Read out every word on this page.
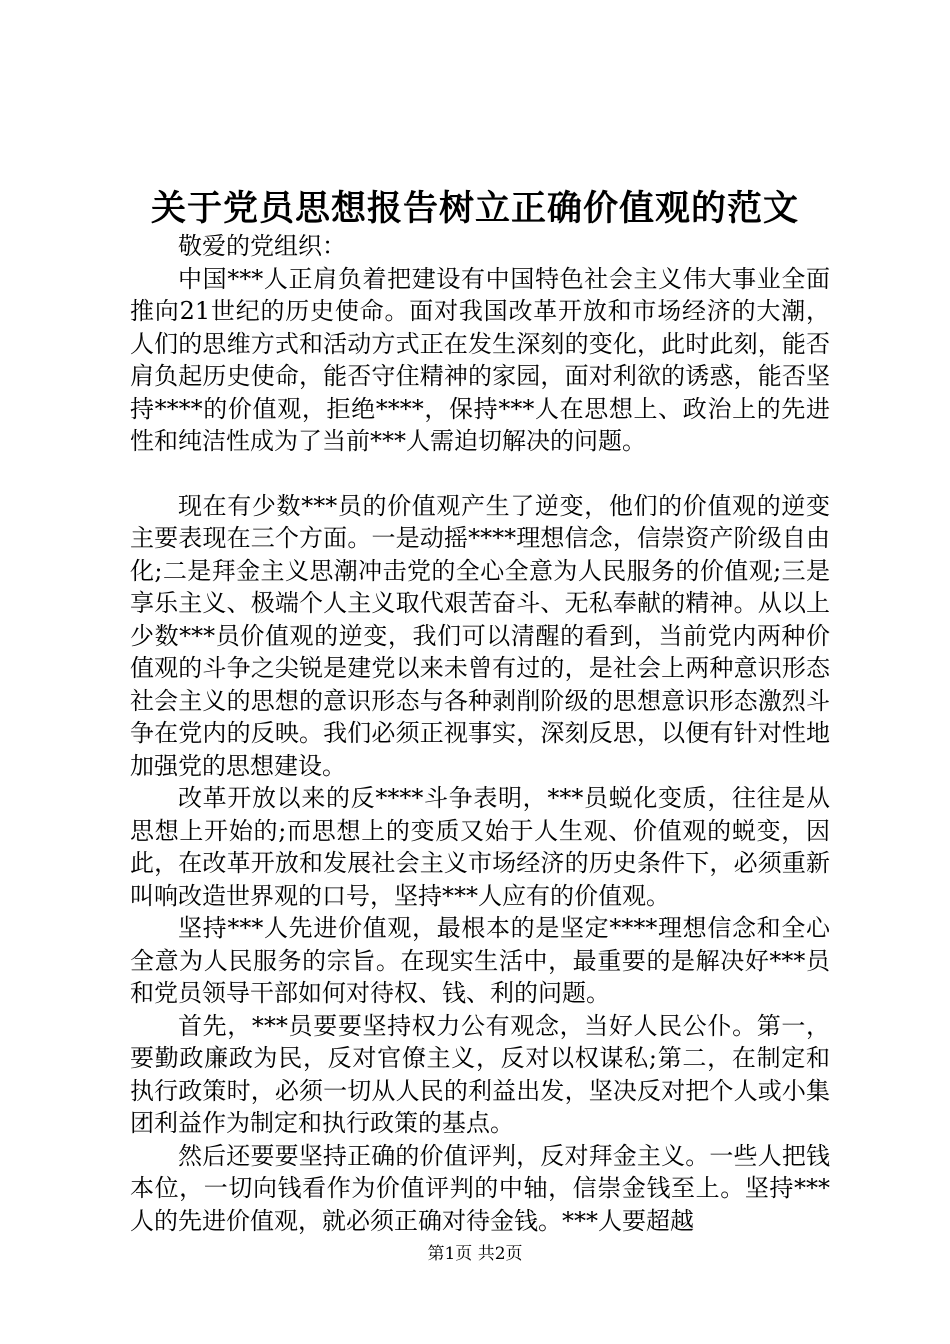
关于党员思想报告树立正确价值观的范文

敬爱的党组织：

中国***人正肩负着把建设有中国特色社会主义伟大事业全面推向21世纪的历史使命。面对我国改革开放和市场经济的大潮，人们的思维方式和活动方式正在发生深刻的变化，此时此刻，能否肩负起历史使命，能否守住精神的家园，面对利欲的诱惑，能否坚持****的价值观，拒绝****，保持***人在思想上、政治上的先进性和纯洁性成为了当前***人需迫切解决的问题。

现在有少数***员的价值观产生了逆变，他们的价值观的逆变主要表现在三个方面。一是动摇****理想信念，信崇资产阶级自由化;二是拜金主义思潮冲击党的全心全意为人民服务的价值观;三是享乐主义、极端个人主义取代艰苦奋斗、无私奉献的精神。从以上少数***员价值观的逆变，我们可以清醒的看到，当前党内两种价值观的斗争之尖锐是建党以来未曾有过的，是社会上两种意识形态社会主义的思想的意识形态与各种剥削阶级的思想意识形态激烈斗争在党内的反映。我们必须正视事实，深刻反思，以便有针对性地加强党的思想建设。

改革开放以来的反****斗争表明，***员蜕化变质，往往是从思想上开始的;而思想上的变质又始于人生观、价值观的蜕变，因此，在改革开放和发展社会主义市场经济的历史条件下，必须重新叫响改造世界观的口号，坚持***人应有的价值观。

坚持***人先进价值观，最根本的是坚定****理想信念和全心全意为人民服务的宗旨。在现实生活中，最重要的是解决好***员和党员领导干部如何对待权、钱、利的问题。

首先，***员要要坚持权力公有观念，当好人民公仆。第一，要勤政廉政为民，反对官僚主义，反对以权谋私;第二，在制定和执行政策时，必须一切从人民的利益出发，坚决反对把个人或小集团利益作为制定和执行政策的基点。

然后还要要坚持正确的价值评判，反对拜金主义。一些人把钱本位，一切向钱看作为价值评判的中轴，信崇金钱至上。坚持***人的先进价值观，就必须正确对待金钱。***人要超越

第1页 共2页
